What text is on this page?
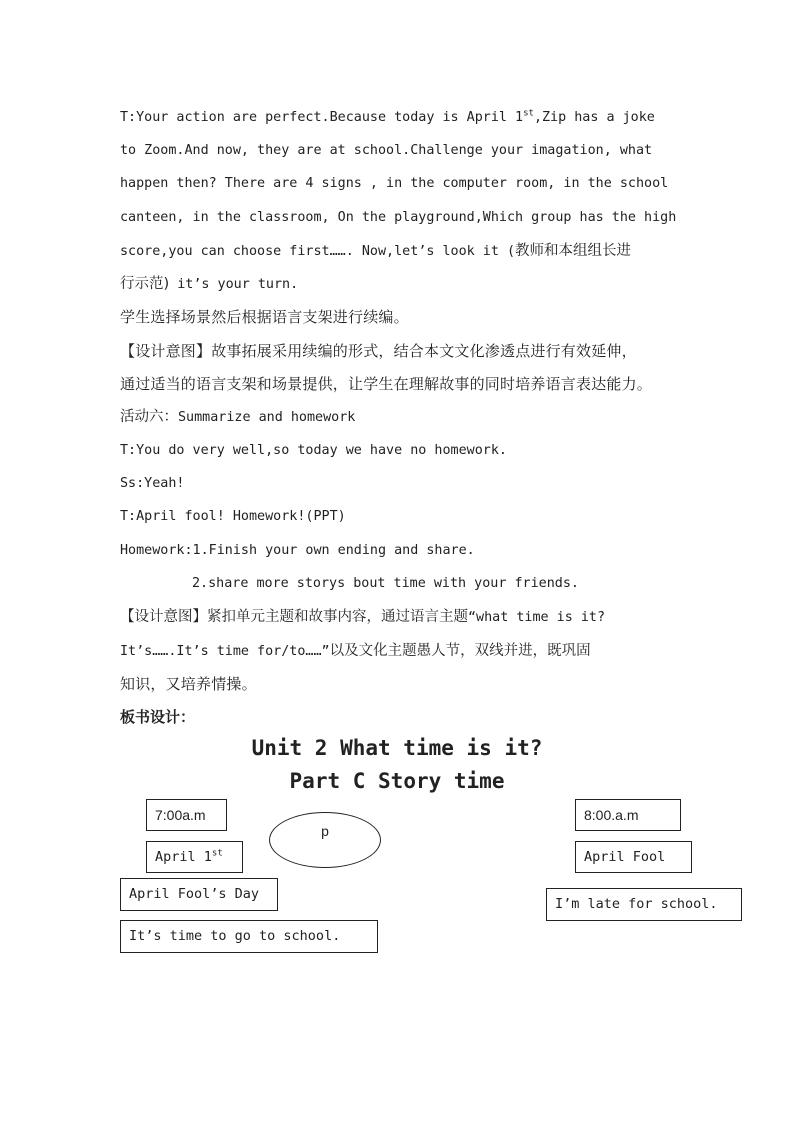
T:Your action are perfect.Because today is April 1st,Zip has a joke
to Zoom.And now, they are at school.Challenge your imagation, what
happen then? There are 4 signs , in the computer room, in the school
canteen, in the classroom, On the playground,Which group has the high
score,you can choose first……. Now,let’s look it (教师和本组组长进
行示范) it’s your turn.
学生选择场景然后根据语言支架进行续编。
【设计意图】故事拓展采用续编的形式，结合本文文化渗透点进行有效延伸，
通过适当的语言支架和场景提供，让学生在理解故事的同时培养语言表达能力。
活动六：Summarize and homework
T:You do very well,so today we have no homework.
Ss:Yeah!
T:April fool! Homework!(PPT)
Homework:1.Finish your own ending and share.
2.share more storys bout time with your friends.
【设计意图】紧扣单元主题和故事内容，通过语言主题“what time is it?
It’s…….It’s time for/to……”以及文化主题愚人节，双线并进，既巩固
知识，又培养情操。
板书设计：
Unit 2 What time is it?
Part C Story time
7:00a.m
April 1st
p
April Fool’s Day
It’s time to go to school.
8:00.a.m
April Fool
I’m late for school.
